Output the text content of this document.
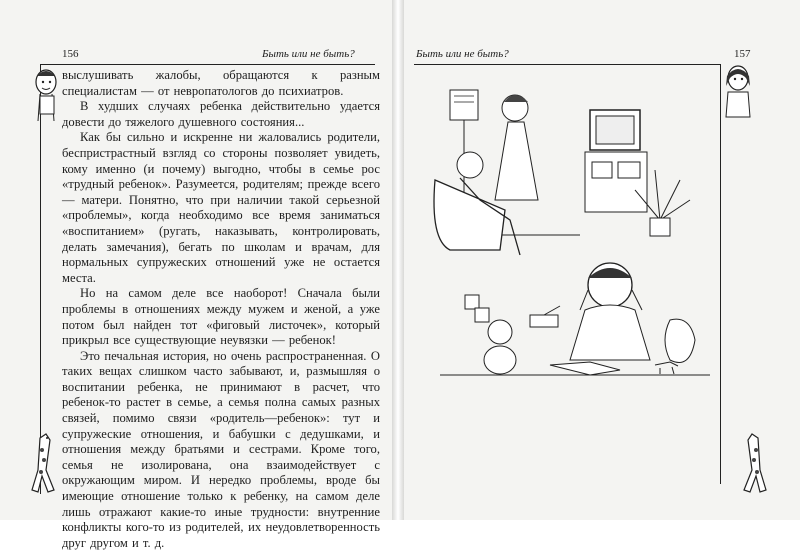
156	Быть или не быть?

выслушивать жалобы, обращаются к разным специалистам — от невропатологов до психиатров.

В худших случаях ребенка действительно удается довести до тяжелого душевного состояния...

Как бы сильно и искренне ни жаловались родители, беспристрастный взгляд со стороны позволяет увидеть, кому именно (и почему) выгодно, чтобы в семье рос «трудный ребенок». Разумеется, родителям; прежде всего — матери. Понятно, что при наличии такой серьезной «проблемы», когда необходимо все время заниматься «воспитанием» (ругать, наказывать, контролировать, делать замечания), бегать по школам и врачам, для нормальных супружеских отношений уже не остается места.

Но на самом деле все наоборот! Сначала были проблемы в отношениях между мужем и женой, а уже потом был найден тот «фиговый листочек», который прикрыл все существующие неувязки — ребенок!

Это печальная история, но очень распространенная. О таких вещах слишком часто забывают, и, размышляя о воспитании ребенка, не принимают в расчет, что ребенок-то растет в семье, а семья полна самых разных связей, помимо связи «родитель—ребенок»: тут и супружеские отношения, и бабушки с дедушками, и отношения между братьями и сестрами. Кроме того, семья не изолирована, она взаимодействует с окружающим миром. И нередко проблемы, вроде бы имеющие отношение только к ребенку, на самом деле лишь отражают какие-то иные трудности: внутренние конфликты кого-то из родителей, их неудовлетворенность друг другом и т. д.

Быть или не быть?	157
